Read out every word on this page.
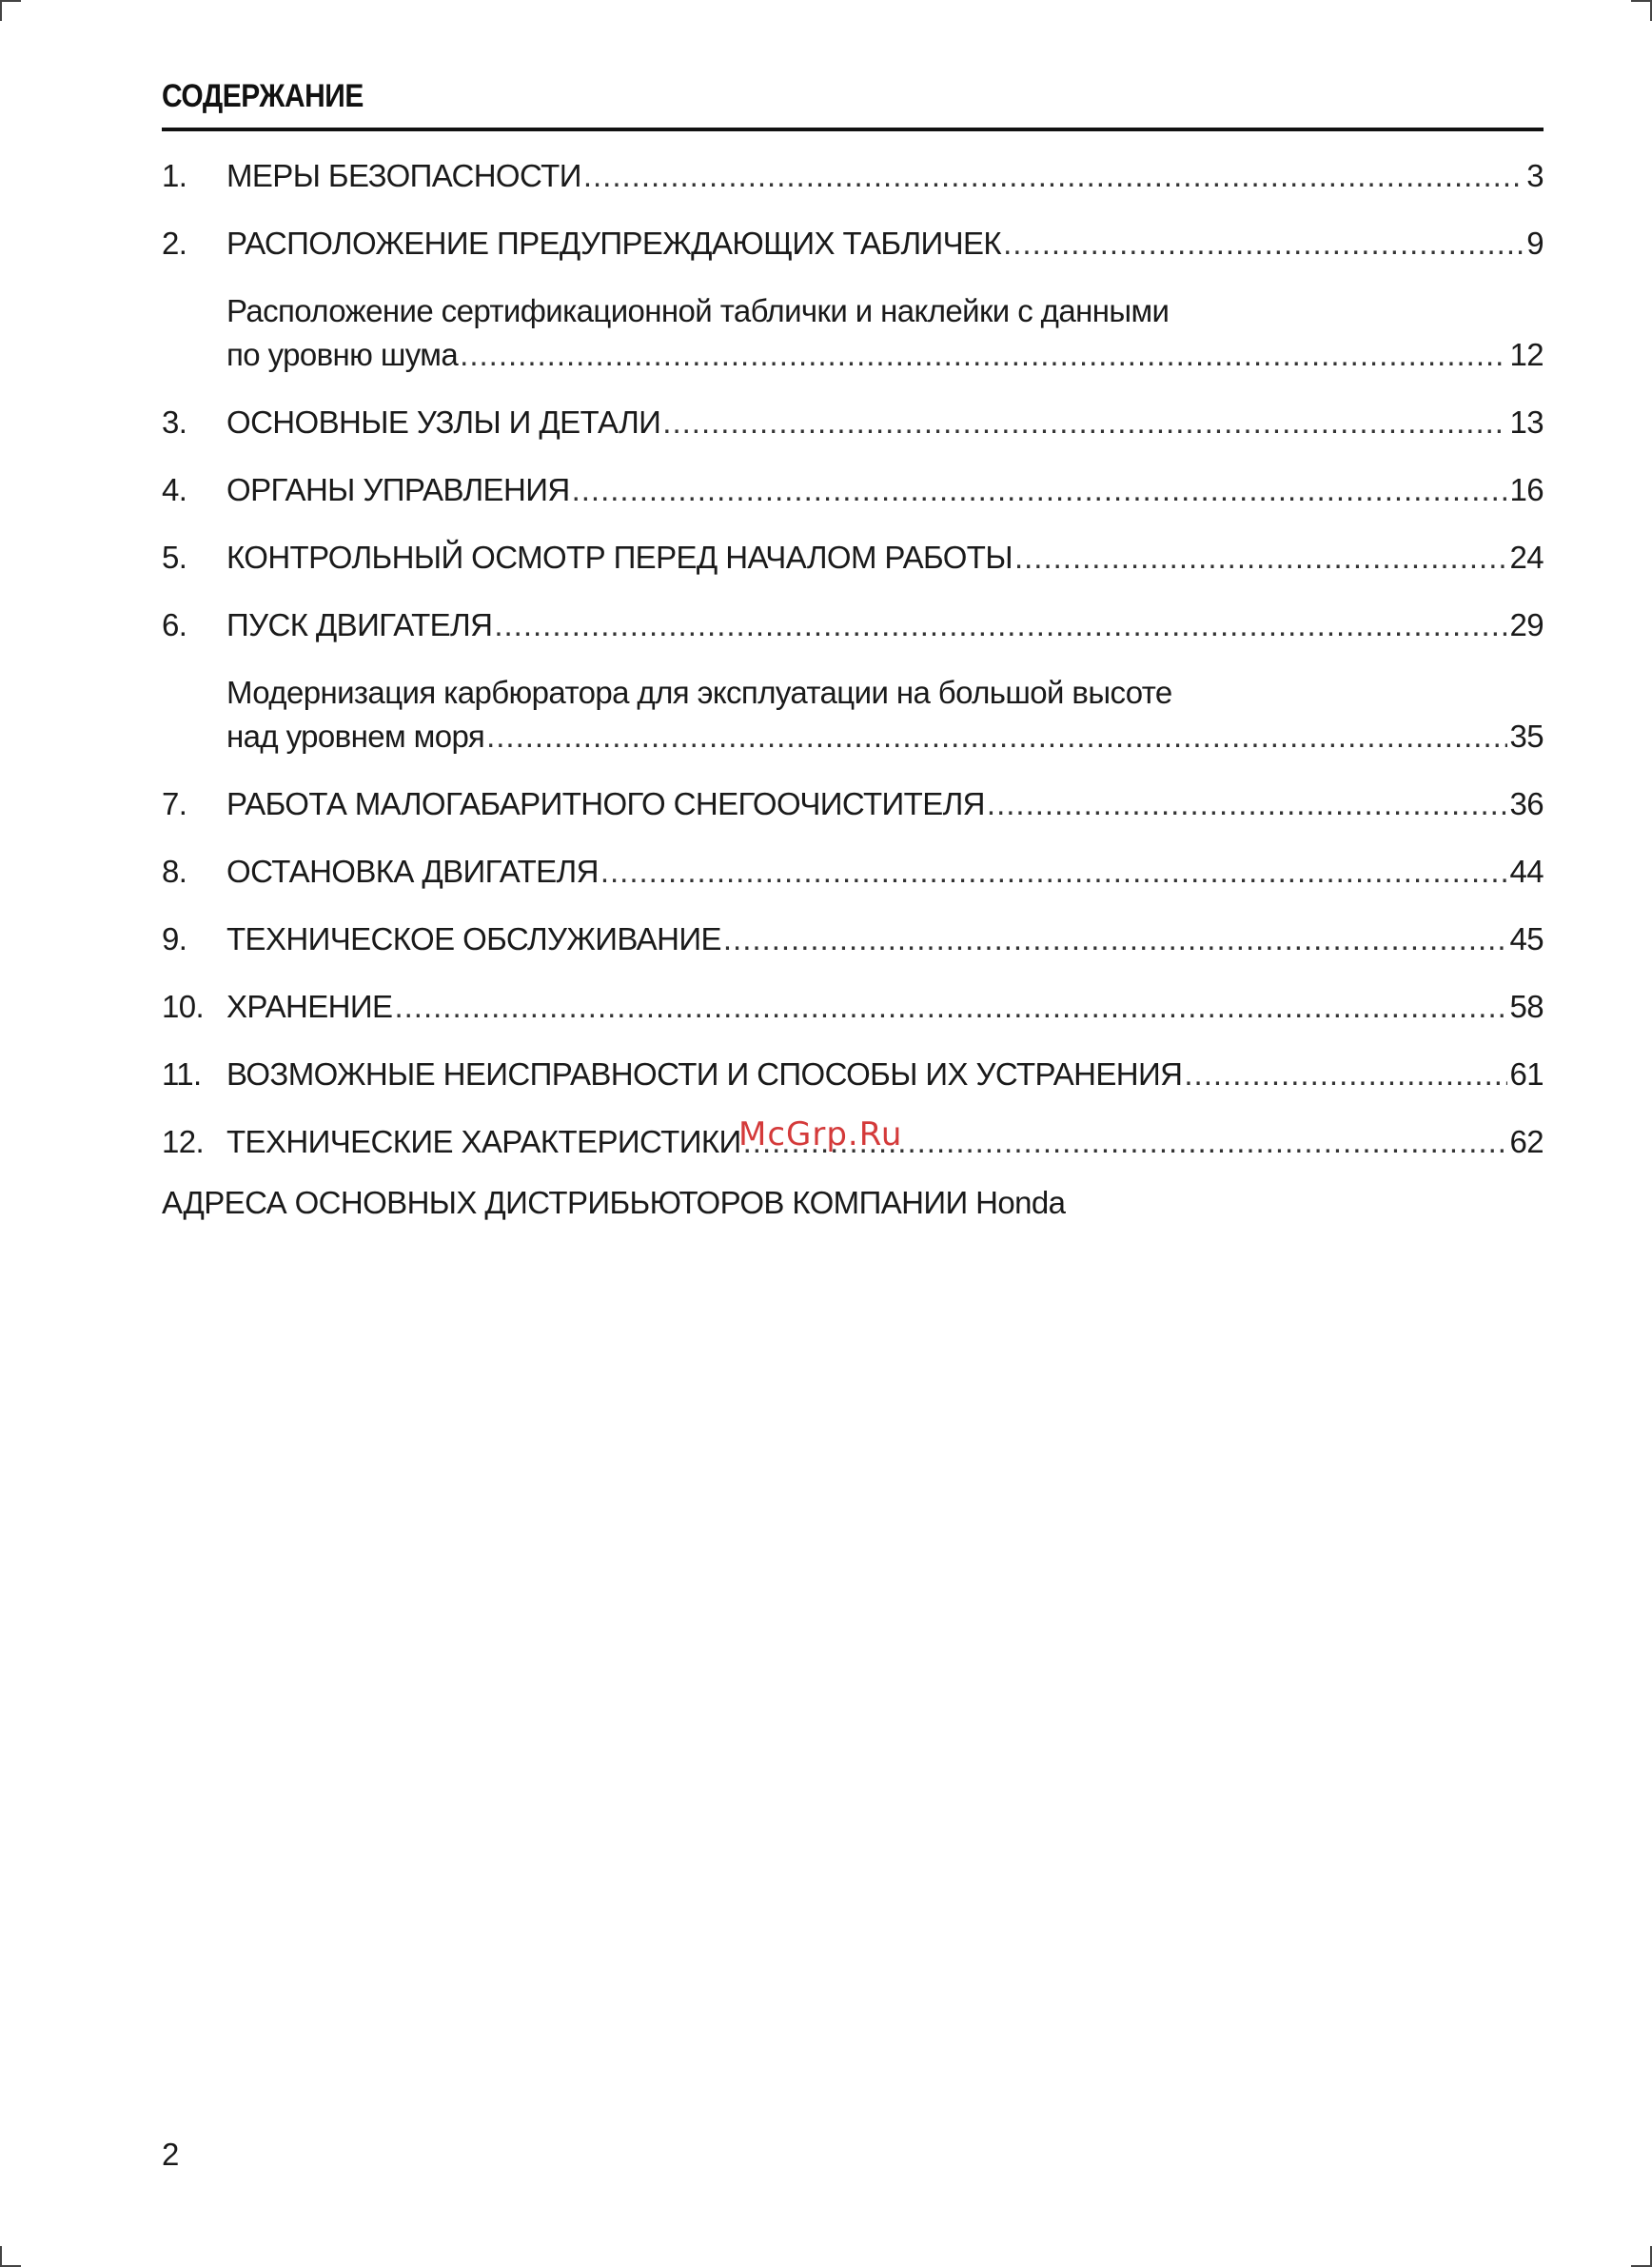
СОДЕРЖАНИЕ
1.	МЕРЫ БЕЗОПАСНОСТИ .....	3
2.	РАСПОЛОЖЕНИЕ ПРЕДУПРЕЖДАЮЩИХ ТАБЛИЧЕК .....	9
Расположение сертификационной таблички и наклейки с данными
по уровню шума .....	12
3.	ОСНОВНЫЕ УЗЛЫ И ДЕТАЛИ .....	13
4.	ОРГАНЫ УПРАВЛЕНИЯ .....	16
5.	КОНТРОЛЬНЫЙ ОСМОТР ПЕРЕД НАЧАЛОМ РАБОТЫ .....	24
6.	ПУСК ДВИГАТЕЛЯ .....	29
Модернизация карбюратора для эксплуатации на большой высоте
над уровнем моря .....	35
7.	РАБОТА МАЛОГАБАРИТНОГО СНЕГООЧИСТИТЕЛЯ .....	36
8.	ОСТАНОВКА ДВИГАТЕЛЯ .....	44
9.	ТЕХНИЧЕСКОЕ ОБСЛУЖИВАНИЕ .....	45
10. ХРАНЕНИЕ .....	58
11. ВОЗМОЖНЫЕ НЕИСПРАВНОСТИ И СПОСОБЫ ИХ УСТРАНЕНИЯ .....	61
12. ТЕХНИЧЕСКИЕ ХАРАКТЕРИСТИКИ .....	62
АДРЕСА ОСНОВНЫХ ДИСТРИБЬЮТОРОВ КОМПАНИИ Honda
McGrp.Ru
2
